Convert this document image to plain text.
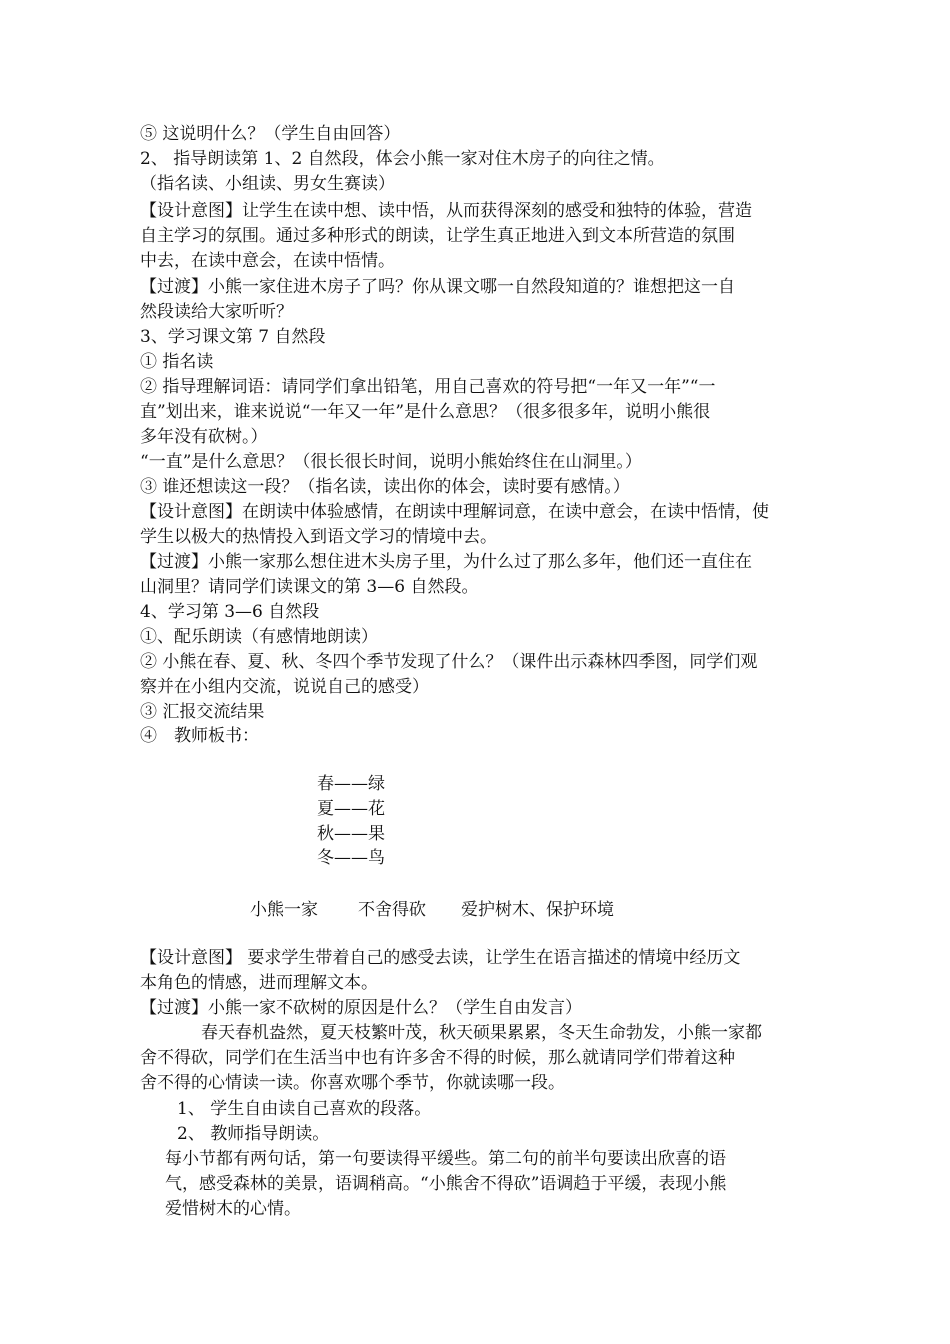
⑤ 这说明什么？（学生自由回答）
2、 指导朗读第 1、2 自然段，体会小熊一家对住木房子的向往之情。
（指名读、小组读、男女生赛读）
【设计意图】让学生在读中想、读中悟，从而获得深刻的感受和独特的体验，营造
自主学习的氛围。通过多种形式的朗读，让学生真正地进入到文本所营造的氛围
中去，在读中意会，在读中悟情。
【过渡】小熊一家住进木房子了吗？你从课文哪一自然段知道的？谁想把这一自
然段读给大家听听？
3、学习课文第 7 自然段
① 指名读
② 指导理解词语：请同学们拿出铅笔，用自己喜欢的符号把“一年又一年”“一
直”划出来，谁来说说“一年又一年”是什么意思？（很多很多年，说明小熊很
多年没有砍树。）
“一直”是什么意思？（很长很长时间，说明小熊始终住在山洞里。）
③ 谁还想读这一段？（指名读，读出你的体会，读时要有感情。）
【设计意图】在朗读中体验感情，在朗读中理解词意，在读中意会，在读中悟情，使
学生以极大的热情投入到语文学习的情境中去。
【过渡】小熊一家那么想住进木头房子里，为什么过了那么多年，他们还一直住在
山洞里？请同学们读课文的第 3—6 自然段。
4、学习第 3—6 自然段
①、配乐朗读（有感情地朗读）
② 小熊在春、夏、秋、冬四个季节发现了什么？（课件出示森林四季图，同学们观
察并在小组内交流，说说自己的感受）
③ 汇报交流结果
④　教师板书：
春——绿
夏——花
秋——果
冬——鸟
小熊一家 不舍得砍 爱护树木、保护环境
【设计意图】 要求学生带着自己的感受去读，让学生在语言描述的情境中经历文
本角色的情感，进而理解文本。
【过渡】小熊一家不砍树的原因是什么？（学生自由发言）
春天春机盎然，夏天枝繁叶茂，秋天硕果累累，冬天生命勃发，小熊一家都
舍不得砍，同学们在生活当中也有许多舍不得的时候，那么就请同学们带着这种
舍不得的心情读一读。你喜欢哪个季节，你就读哪一段。
1、 学生自由读自己喜欢的段落。
2、 教师指导朗读。
每小节都有两句话，第一句要读得平缓些。第二句的前半句要读出欣喜的语
气，感受森林的美景，语调稍高。“小熊舍不得砍”语调趋于平缓，表现小熊
爱惜树木的心情。
